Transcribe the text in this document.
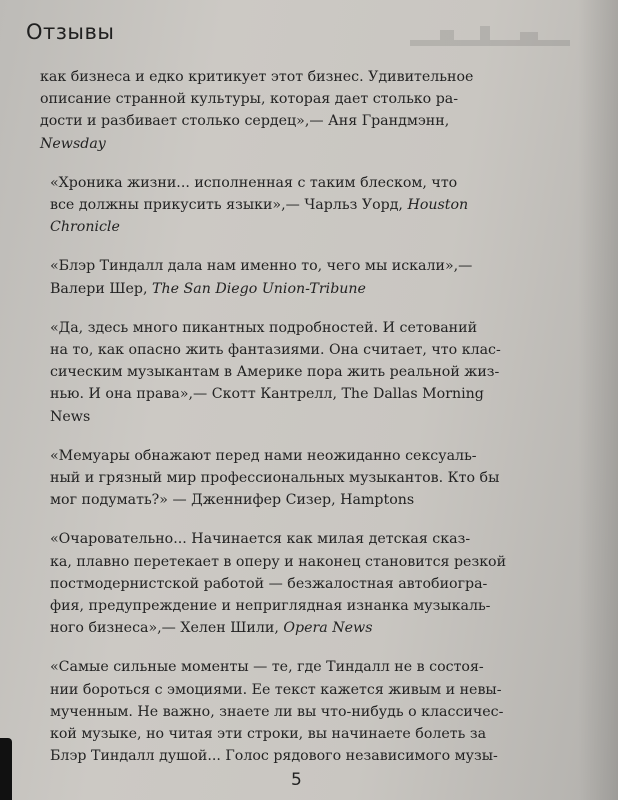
Отзывы
как бизнеса и едко критикует этот бизнес. Удивительное
описание странной культуры, которая дает столько ра-
дости и разбивает столько сердец»,— Аня Грандмэнн,
Newsday
«Хроника жизни... исполненная с таким блеском, что
все должны прикусить языки»,— Чарльз Уорд, Houston
Chronicle
«Блэр Тиндалл дала нам именно то, чего мы искали»,—
Валери Шер, The San Diego Union-Tribune
«Да, здесь много пикантных подробностей. И сетований
на то, как опасно жить фантазиями. Она считает, что клас-
сическим музыкантам в Америке пора жить реальной жиз-
нью. И она права»,— Скотт Кантрелл, The Dallas Morning
News
«Мемуары обнажают перед нами неожиданно сексуаль-
ный и грязный мир профессиональных музыкантов. Кто бы
мог подумать?» — Дженнифер Сизер, Hamptons
«Очаровательно... Начинается как милая детская сказ-
ка, плавно перетекает в оперу и наконец становится резкой
постмодернистской работой — безжалостная автобиогра-
фия, предупреждение и неприглядная изнанка музыкаль-
ного бизнеса»,— Хелен Шили, Opera News
«Самые сильные моменты — те, где Тиндалл не в состоя-
нии бороться с эмоциями. Ее текст кажется живым и невы-
мученным. Не важно, знаете ли вы что-нибудь о классичес-
кой музыке, но читая эти строки, вы начинаете болеть за
Блэр Тиндалл душой... Голос рядового независимого музы-
5
